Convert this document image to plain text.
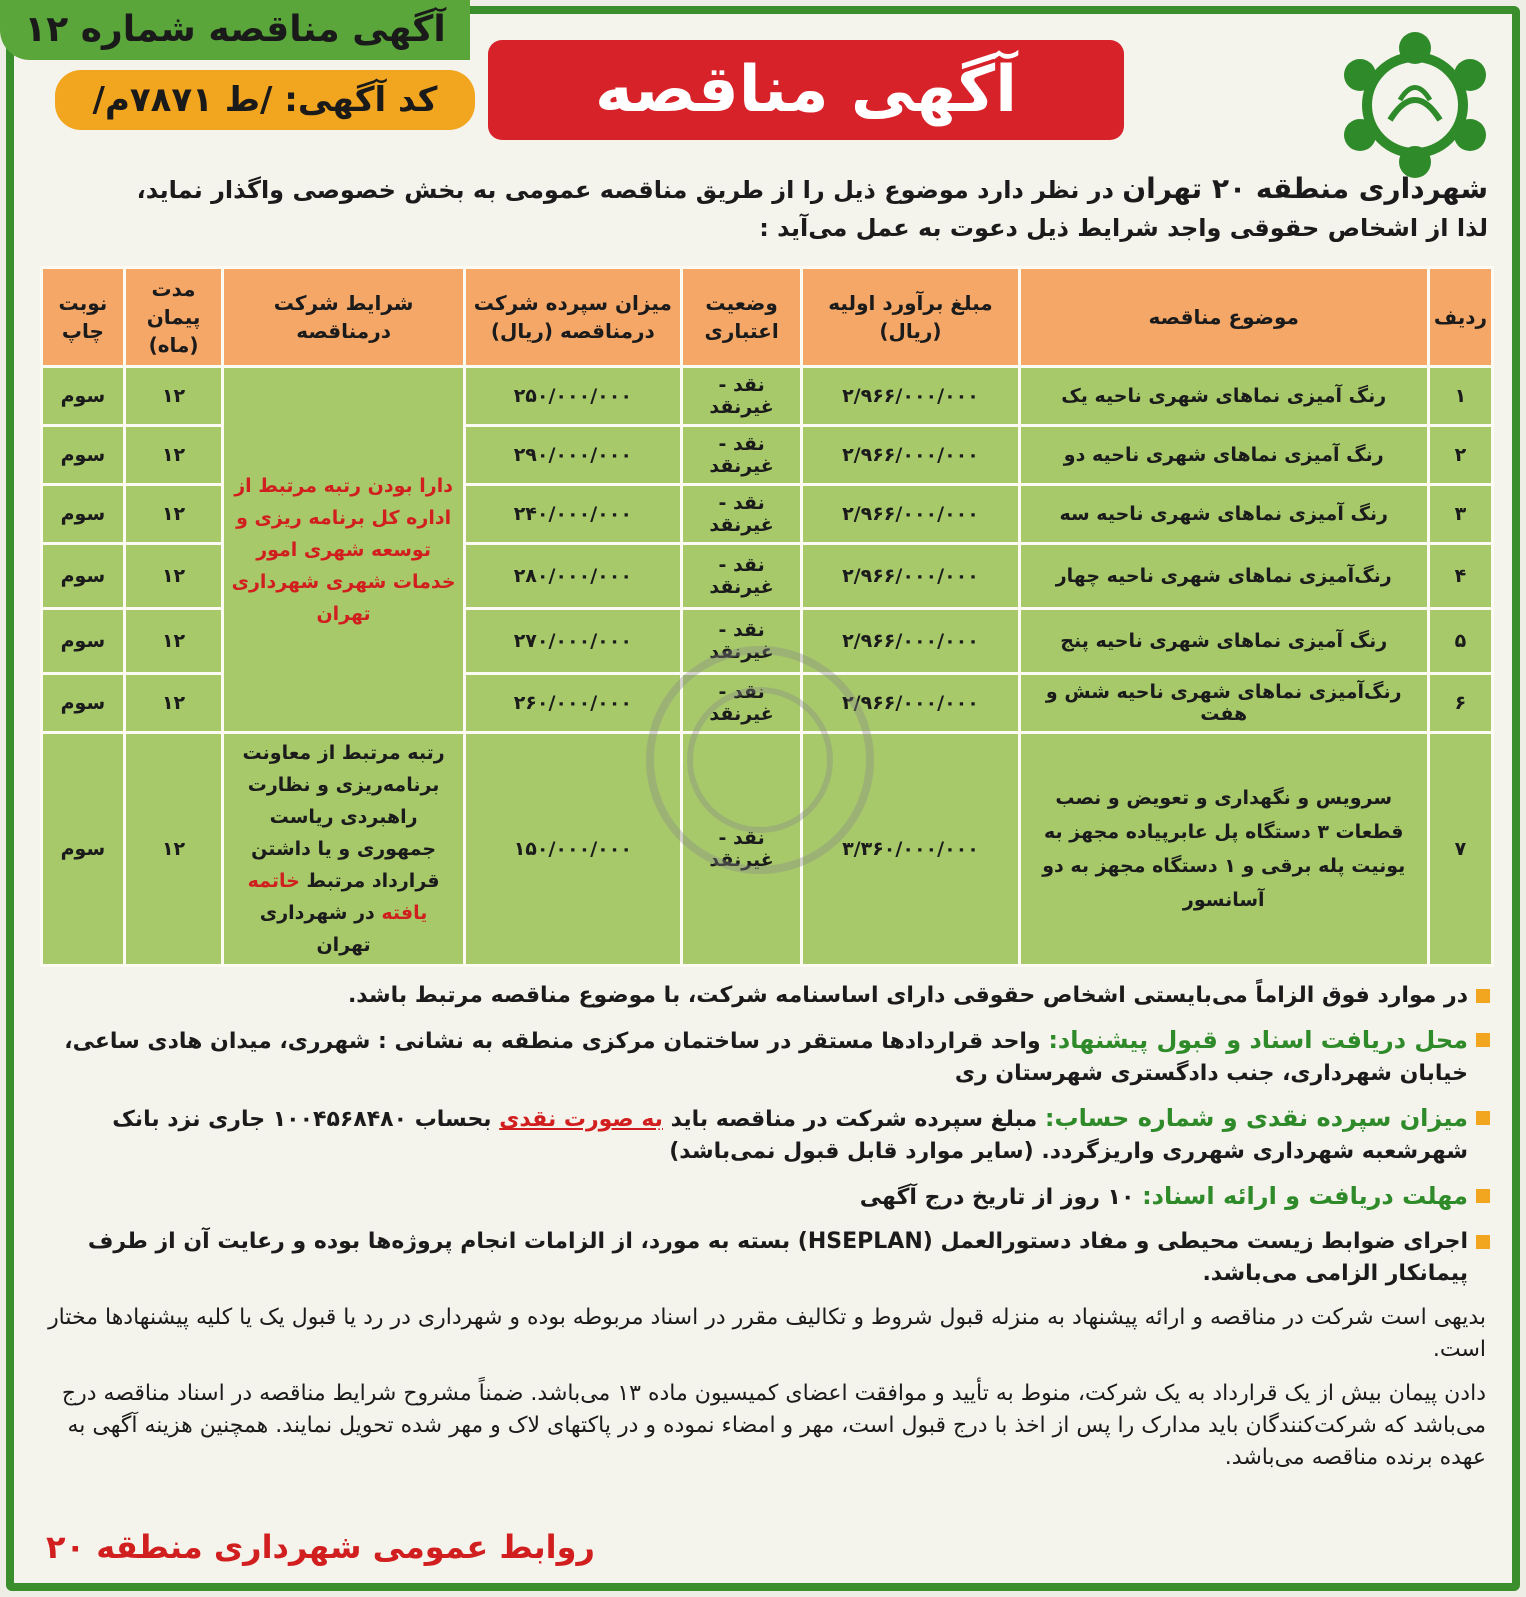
آگهی مناقصه شماره ۱۲
کد آگهی: /ط ۷۸۷۱م/	آگهی مناقصه
شهرداری منطقه ۲۰ تهران در نظر دارد موضوع ذیل را از طریق مناقصه عمومی به بخش خصوصی واگذار نماید،
لذا از اشخاص حقوقی واجد شرایط ذیل دعوت به عمل می‌آید :
ردیف	موضوع مناقصه	مبلغ برآورد اولیه (ریال)	وضعیت اعتباری	میزان سپرده شرکت درمناقصه (ریال)	شرایط شرکت درمناقصه	مدت پیمان (ماه)	نوبت چاپ
۱	رنگ آمیزی نماهای شهری ناحیه یک	۲/۹۶۶/۰۰۰/۰۰۰	نقد - غیرنقد	۲۵۰/۰۰۰/۰۰۰	دارا بودن رتبه مرتبط از اداره کل برنامه ریزی و توسعه شهری امور خدمات شهری شهرداری تهران	۱۲	سوم
۲	رنگ آمیزی نماهای شهری ناحیه دو	۲/۹۶۶/۰۰۰/۰۰۰	نقد - غیرنقد	۲۹۰/۰۰۰/۰۰۰		۱۲	سوم
۳	رنگ آمیزی نماهای شهری ناحیه سه	۲/۹۶۶/۰۰۰/۰۰۰	نقد - غیرنقد	۲۴۰/۰۰۰/۰۰۰		۱۲	سوم
۴	رنگ‌آمیزی نماهای شهری ناحیه چهار	۲/۹۶۶/۰۰۰/۰۰۰	نقد - غیرنقد	۲۸۰/۰۰۰/۰۰۰		۱۲	سوم
۵	رنگ آمیزی نماهای شهری ناحیه پنج	۲/۹۶۶/۰۰۰/۰۰۰	نقد - غیرنقد	۲۷۰/۰۰۰/۰۰۰		۱۲	سوم
۶	رنگ‌آمیزی نماهای شهری ناحیه شش و هفت	۲/۹۶۶/۰۰۰/۰۰۰	نقد - غیرنقد	۲۶۰/۰۰۰/۰۰۰		۱۲	سوم
۷	سرویس و نگهداری و تعویض و نصب قطعات ۳ دستگاه پل عابرپیاده مجهز به یونیت پله برقی و ۱ دستگاه مجهز به دو آسانسور	۳/۳۶۰/۰۰۰/۰۰۰	نقد - غیرنقد	۱۵۰/۰۰۰/۰۰۰	رتبه مرتبط از معاونت برنامه‌ریزی و نظارت راهبردی ریاست جمهوری و یا داشتن قرارداد مرتبط خاتمه یافته در شهرداری تهران	۱۲	سوم
در موارد فوق الزاماً می‌بایستی اشخاص حقوقی دارای اساسنامه شرکت، با موضوع مناقصه مرتبط باشد.
محل دریافت اسناد و قبول پیشنهاد: واحد قراردادها مستقر در ساختمان مرکزی منطقه به نشانی : شهرری، میدان هادی ساعی، خیابان شهرداری، جنب دادگستری شهرستان ری
میزان سپرده نقدی و شماره حساب: مبلغ سپرده شرکت در مناقصه باید به صورت نقدی بحساب ۱۰۰۴۵۶۸۴۸۰ جاری نزد بانک شهرشعبه شهرداری شهرری واریزگردد. (سایر موارد قابل قبول نمی‌باشد)
مهلت دریافت و ارائه اسناد: ۱۰ روز از تاریخ درج آگهی
اجرای ضوابط زیست محیطی و مفاد دستورالعمل (HSEPLAN) بسته به مورد، از الزامات انجام پروژه‌ها بوده و رعایت آن از طرف پیمانکار الزامی می‌باشد.
بدیهی است شرکت در مناقصه و ارائه پیشنهاد به منزله قبول شروط و تکالیف مقرر در اسناد مربوطه بوده و شهرداری در رد یا قبول یک یا کلیه پیشنهادها مختار است.
دادن پیمان بیش از یک قرارداد به یک شرکت، منوط به تأیید و موافقت اعضای کمیسیون ماده ۱۳ می‌باشد. ضمناً مشروح شرایط مناقصه در اسناد مناقصه درج می‌باشد که شرکت‌کنندگان باید مدارک را پس از اخذ با درج قبول است، مهر و امضاء نموده و در پاکتهای لاک و مهر شده تحویل نمایند. همچنین هزینه آگهی به عهده برنده مناقصه می‌باشد.
روابط عمومی شهرداری منطقه ۲۰
